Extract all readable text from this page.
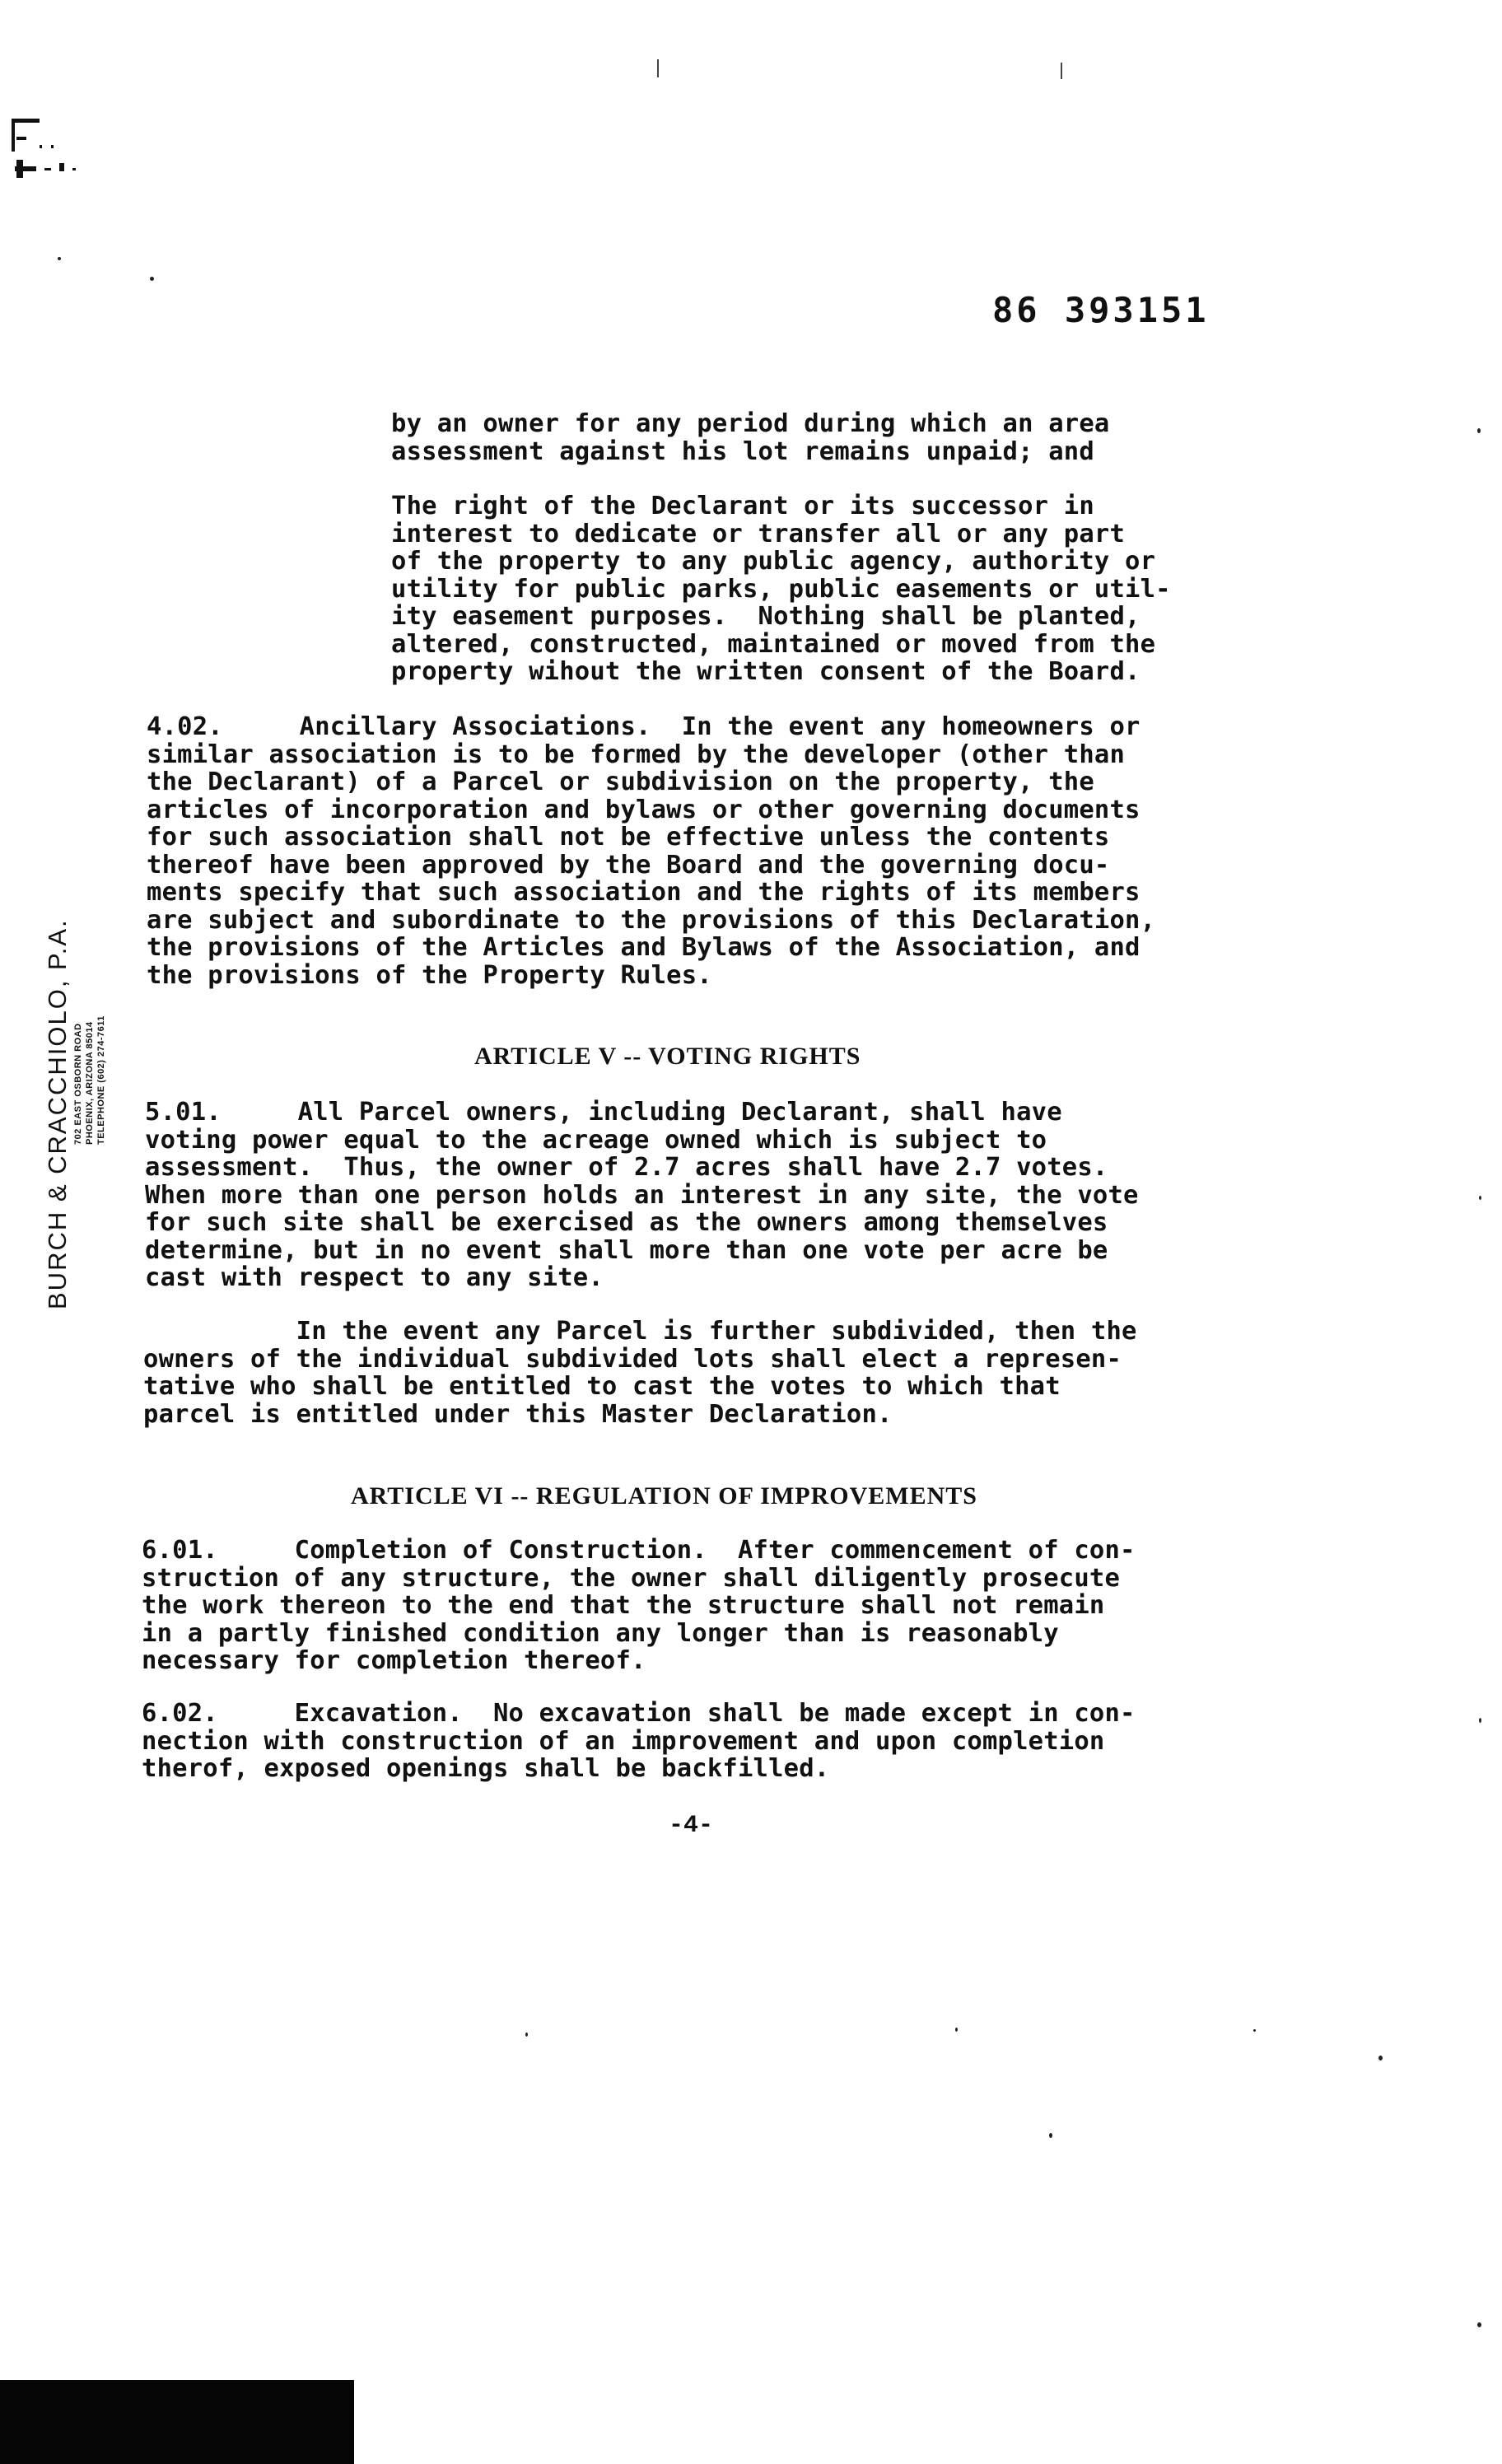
86 393151
BURCH & CRACCHIOLO, P.A. 702 EAST OSBORN ROAD PHOENIX, ARIZONA 85014 TELEPHONE (602) 274-7611
by an owner for any period during which an area
assessment against his lot remains unpaid; and
The right of the Declarant or its successor in
interest to dedicate or transfer all or any part
of the property to any public agency, authority or
utility for public parks, public easements or util-
ity easement purposes.  Nothing shall be planted,
altered, constructed, maintained or moved from the
property wihout the written consent of the Board.
4.02.     Ancillary Associations.  In the event any homeowners or
similar association is to be formed by the developer (other than
the Declarant) of a Parcel or subdivision on the property, the
articles of incorporation and bylaws or other governing documents
for such association shall not be effective unless the contents
thereof have been approved by the Board and the governing docu-
ments specify that such association and the rights of its members
are subject and subordinate to the provisions of this Declaration,
the provisions of the Articles and Bylaws of the Association, and
the provisions of the Property Rules.
ARTICLE V -- VOTING RIGHTS
5.01.     All Parcel owners, including Declarant, shall have
voting power equal to the acreage owned which is subject to
assessment.  Thus, the owner of 2.7 acres shall have 2.7 votes.
When more than one person holds an interest in any site, the vote
for such site shall be exercised as the owners among themselves
determine, but in no event shall more than one vote per acre be
cast with respect to any site.
In the event any Parcel is further subdivided, then the
owners of the individual subdivided lots shall elect a represen-
tative who shall be entitled to cast the votes to which that
parcel is entitled under this Master Declaration.
ARTICLE VI -- REGULATION OF IMPROVEMENTS
6.01.     Completion of Construction.  After commencement of con-
struction of any structure, the owner shall diligently prosecute
the work thereon to the end that the structure shall not remain
in a partly finished condition any longer than is reasonably
necessary for completion thereof.
6.02.     Excavation.  No excavation shall be made except in con-
nection with construction of an improvement and upon completion
therof, exposed openings shall be backfilled.

-4-
